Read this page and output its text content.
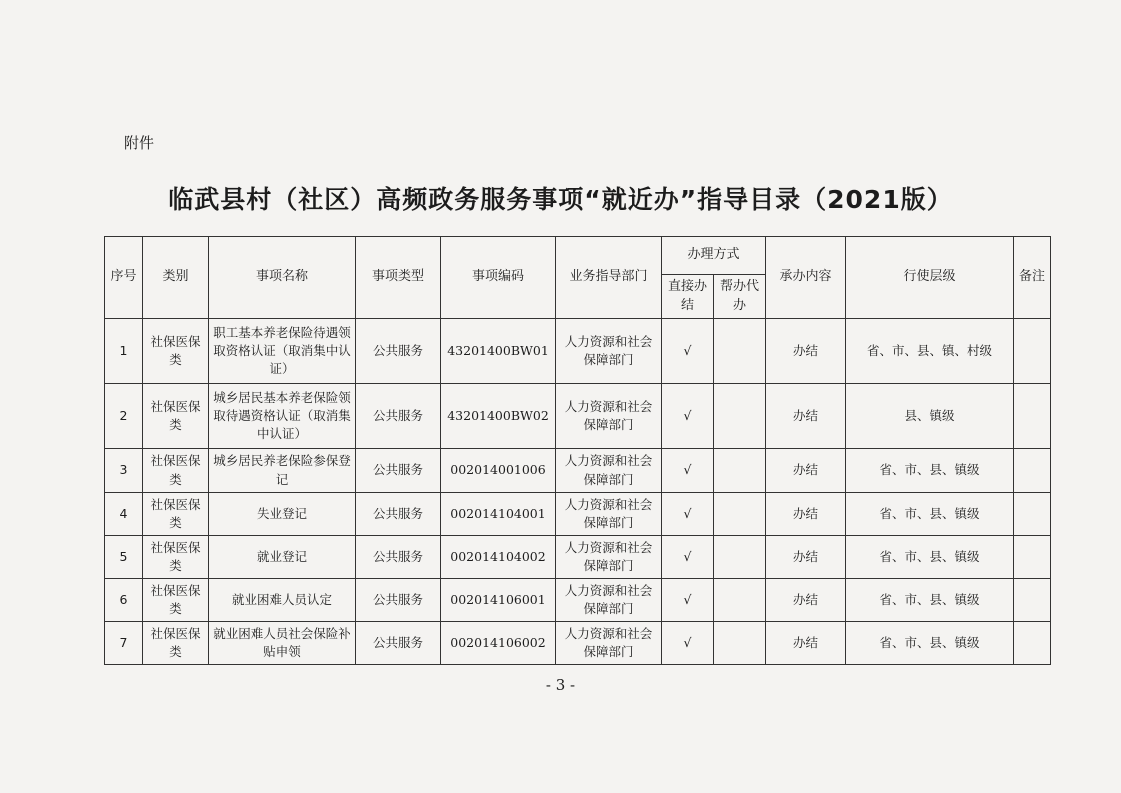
附件
临武县村（社区）高频政务服务事项“就近办”指导目录（2021版）
序号	类别	事项名称	事项类型	事项编码	业务指导部门	办理方式		承办内容	行使层级	备注
						直接办结	帮办代办			
1	社保医保类	职工基本养老保险待遇领取资格认证（取消集中认证）	公共服务	43201400BW01	人力资源和社会保障部门	√		办结	省、市、县、镇、村级	
2	社保医保类	城乡居民基本养老保险领取待遇资格认证（取消集中认证）	公共服务	43201400BW02	人力资源和社会保障部门	√		办结	县、镇级	
3	社保医保类	城乡居民养老保险参保登记	公共服务	002014001006	人力资源和社会保障部门	√		办结	省、市、县、镇级	
4	社保医保类	失业登记	公共服务	002014104001	人力资源和社会保障部门	√		办结	省、市、县、镇级	
5	社保医保类	就业登记	公共服务	002014104002	人力资源和社会保障部门	√		办结	省、市、县、镇级	
6	社保医保类	就业困难人员认定	公共服务	002014106001	人力资源和社会保障部门	√		办结	省、市、县、镇级	
7	社保医保类	就业困难人员社会保险补贴申领	公共服务	002014106002	人力资源和社会保障部门	√		办结	省、市、县、镇级	
- 3 -
